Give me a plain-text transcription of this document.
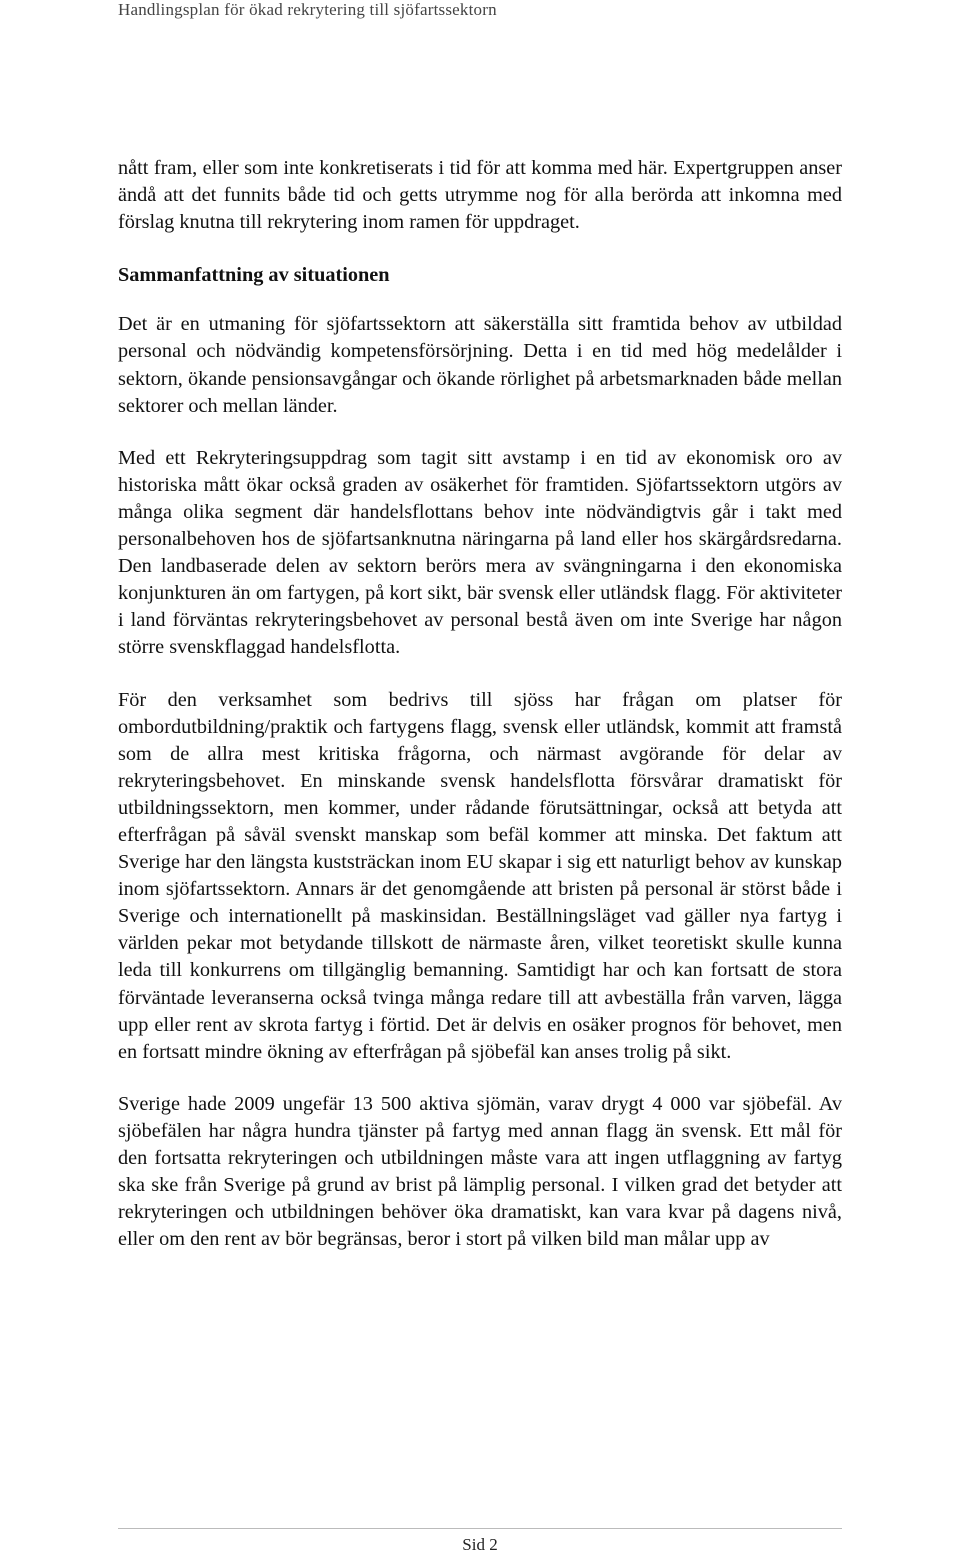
Handlingsplan för ökad rekrytering till sjöfartssektorn

nått fram, eller som inte konkretiserats i tid för att komma med här. Expertgruppen anser ändå att det funnits både tid och getts utrymme nog för alla berörda att inkomna med förslag knutna till rekrytering inom ramen för uppdraget.

Sammanfattning av situationen

Det är en utmaning för sjöfartssektorn att säkerställa sitt framtida behov av utbildad personal och nödvändig kompetensförsörjning. Detta i en tid med hög medelålder i sektorn, ökande pensionsavgångar och ökande rörlighet på arbetsmarknaden både mellan sektorer och mellan länder.

Med ett Rekryteringsuppdrag som tagit sitt avstamp i en tid av ekonomisk oro av historiska mått ökar också graden av osäkerhet för framtiden. Sjöfartssektorn utgörs av många olika segment där handelsflottans behov inte nödvändigtvis går i takt med personalbehoven hos de sjöfartsanknutna näringarna på land eller hos skärgårdsredarna. Den landbaserade delen av sektorn berörs mera av svängningarna i den ekonomiska konjunkturen än om fartygen, på kort sikt, bär svensk eller utländsk flagg. För aktiviteter i land förväntas rekryteringsbehovet av personal bestå även om inte Sverige har någon större svenskflaggad handelsflotta.

För den verksamhet som bedrivs till sjöss har frågan om platser för ombordutbildning/praktik och fartygens flagg, svensk eller utländsk, kommit att framstå som de allra mest kritiska frågorna, och närmast avgörande för delar av rekryteringsbehovet. En minskande svensk handelsflotta försvårar dramatiskt för utbildningssektorn, men kommer, under rådande förutsättningar, också att betyda att efterfrågan på såväl svenskt manskap som befäl kommer att minska. Det faktum att Sverige har den längsta kuststräckan inom EU skapar i sig ett naturligt behov av kunskap inom sjöfartssektorn. Annars är det genomgående att bristen på personal är störst både i Sverige och internationellt på maskinsidan. Beställningsläget vad gäller nya fartyg i världen pekar mot betydande tillskott de närmaste åren, vilket teoretiskt skulle kunna leda till konkurrens om tillgänglig bemanning. Samtidigt har och kan fortsatt de stora förväntade leveranserna också tvinga många redare till att avbeställa från varven, lägga upp eller rent av skrota fartyg i förtid. Det är delvis en osäker prognos för behovet, men en fortsatt mindre ökning av efterfrågan på sjöbefäl kan anses trolig på sikt.

Sverige hade 2009 ungefär 13 500 aktiva sjömän, varav drygt 4 000 var sjöbefäl. Av sjöbefälen har några hundra tjänster på fartyg med annan flagg än svensk. Ett mål för den fortsatta rekryteringen och utbildningen måste vara att ingen utflaggning av fartyg ska ske från Sverige på grund av brist på lämplig personal. I vilken grad det betyder att rekryteringen och utbildningen behöver öka dramatiskt, kan vara kvar på dagens nivå, eller om den rent av bör begränsas, beror i stort på vilken bild man målar upp av

Sid 2
